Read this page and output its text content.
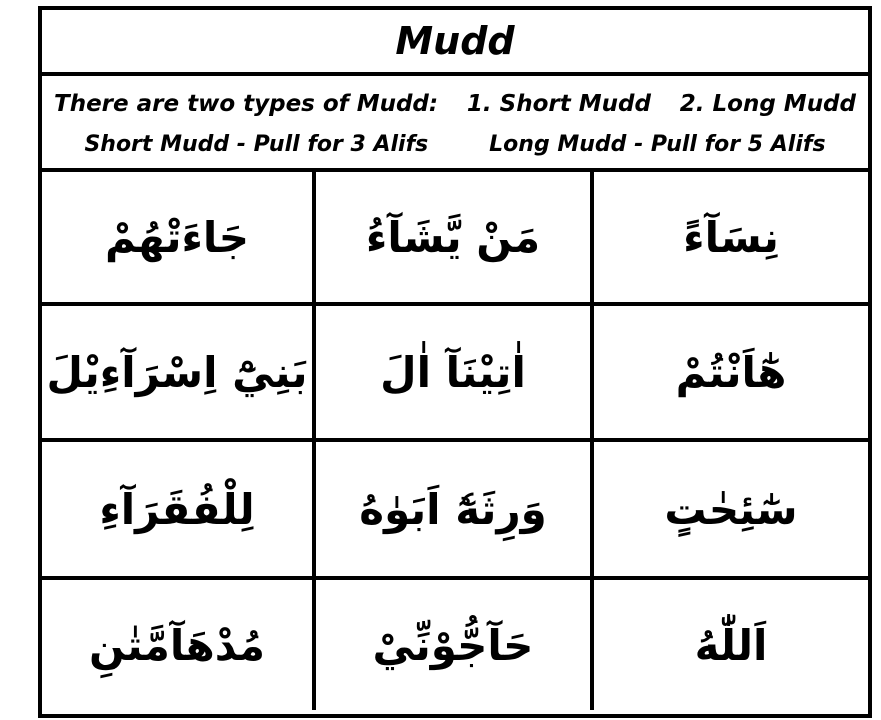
Mudd
There are two types of Mudd: 1. Short Mudd 2. Long Mudd
Short Mudd - Pull for 3 Alifs	Long Mudd - Pull for 5 Alifs
جَاءَتْهُمْ	مَنْ يَّشَآءُ	نِسَآءً
بَنِيْٓ اِسْرَآءِيْلَ	اٰتِيْنَآ اٰلَ	هٰٓاَنْتُمْ
لِلْفُقَرَآءِ	وَرِثَهٗٓ اَبَوٰهُ	سٰٓئِحٰتٍ
مُدْهَآمَّتٰنِ	حَآجُّوْنِّيْ	اَللّٰهُ
